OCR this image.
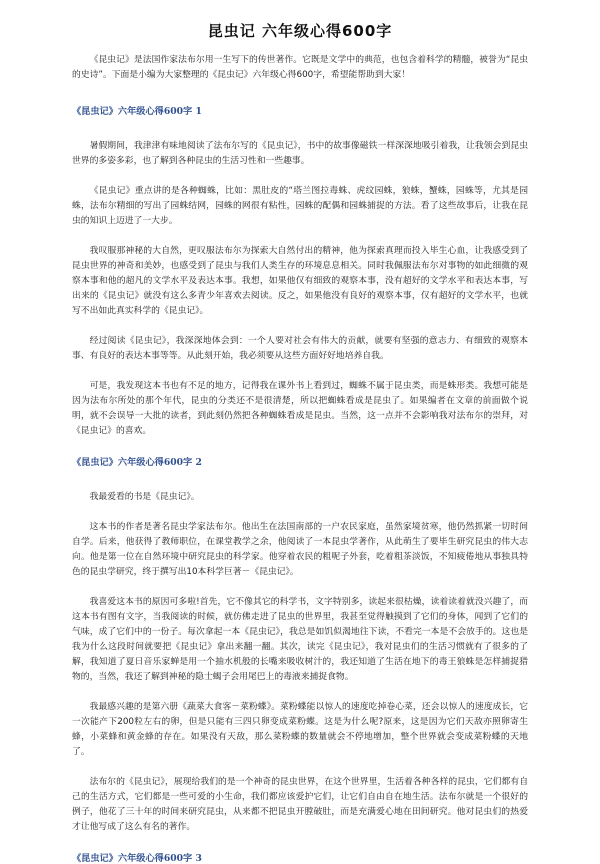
昆虫记 六年级心得600字

《昆虫记》是法国作家法布尔用一生写下的传世著作。它既是文学中的典范，也包含着科学的精髓，被誉为“昆虫的史诗”。下面是小编为大家整理的《昆虫记》六年级心得600字，希望能帮助到大家！

《昆虫记》六年级心得600字 1

暑假期间，我津津有味地阅读了法布尔写的《昆虫记》，书中的故事像磁铁一样深深地吸引着我，让我领会到昆虫世界的多姿多彩，也了解到各种昆虫的生活习性和一些趣事。

《昆虫记》重点讲的是各种蜘蛛，比如：黑肚皮的“塔兰图拉毒蛛、虎纹园蛛，狼蛛，蟹蛛，园蛛等，尤其是园蛛，法布尔精细的写出了园蛛结网，园蛛的网很有粘性，园蛛的配偶和园蛛捕捉的方法。看了这些故事后，让我在昆虫的知识上迈进了一大步。

我叹服那神秘的大自然，更叹服法布尔为探索大自然付出的精神，他为探索真理而投入毕生心血，让我感受到了昆虫世界的神奇和美妙，也感受到了昆虫与我们人类生存的环境息息相关。同时我佩服法布尔对事物的如此细微的观察本事和他的超凡的文学水平及表达本事。我想，如果他仅有细致的观察本事，没有超好的文学水平和表达本事，写出来的《昆虫记》就没有这么多青少年喜欢去阅读。反之，如果他没有良好的观察本事，仅有超好的文学水平，也就写不出如此真实科学的《昆虫记》。

经过阅读《昆虫记》，我深深地体会到：一个人要对社会有伟大的贡献，就要有坚强的意志力、有细致的观察本事、有良好的表达本事等等。从此刻开始，我必须要从这些方面好好地培养自我。

可是，我发现这本书也有不足的地方，记得我在课外书上看到过，蜘蛛不属于昆虫类，而是蛛形类。我想可能是因为法布尔所处的那个年代，昆虫的分类还不是很清楚，所以把蜘蛛看成是昆虫了。如果编者在文章的前面做个说明，就不会误导一大批的读者，到此刻仍然把各种蜘蛛看成是昆虫。当然，这一点并不会影响我对法布尔的崇拜，对《昆虫记》的喜欢。

《昆虫记》六年级心得600字 2

我最爱看的书是《昆虫记》。

这本书的作者是著名昆虫学家法布尔。他出生在法国南部的一户农民家庭，虽然家境贫寒，他仍然抓紧一切时间自学。后来，他获得了教师职位，在课堂教学之余，他阅读了一本昆虫学著作，从此萌生了要毕生研究昆虫的伟大志向。他是第一位在自然环境中研究昆虫的科学家。他穿着农民的粗呢子外套，吃着粗茶淡饭，不知疲倦地从事独具特色的昆虫学研究，终于撰写出10本科学巨著－《昆虫记》。

我喜爱这本书的原因可多啦!首先，它不像其它的科学书，文字特别多，读起来很枯燥，读着读着就没兴趣了，而这本书有图有文字，当我阅读的时候，就仿佛走进了昆虫的世界里，我甚至觉得触摸到了它们的身体，闻到了它们的气味，成了它们中的一份子。每次拿起一本《昆虫记》，我总是如饥似渴地往下读，不看完一本是不会放手的。这也是我为什么这段时间就要把《昆虫记》拿出来翻一翻。其次，读完《昆虫记》，我对昆虫们的生活习惯就有了很多的了解，我知道了夏日音乐家蝉是用一个抽水机般的长嘴来吸收树汁的，我还知道了生活在地下的毒王狼蛛是怎样捕捉猎物的，当然，我还了解到神秘的隐士蝎子会用尾巴上的毒液来捕捉食物。

我最感兴趣的是第六册《蔬菜大食客－菜粉蝶》。菜粉蝶能以惊人的速度吃掉卷心菜，还会以惊人的速度成长，它一次能产下200粒左右的卵，但是只能有三四只卵变成菜粉蝶。这是为什么呢?原来，这是因为它们天敌亦照卵寄生蜂，小菜蜂和黄金蜂的存在。如果没有天敌，那么菜粉蝶的数量就会不停地增加，整个世界就会变成菜粉蝶的天地了。

法布尔的《昆虫记》，展现给我们的是一个神奇的昆虫世界，在这个世界里，生活着各种各样的昆虫，它们都有自己的生活方式，它们都是一些可爱的小生命，我们都应该爱护它们，让它们自由自在地生活。法布尔就是一个很好的例子，他花了三十年的时间来研究昆虫，从来都不把昆虫开膛破肚，而是充满爱心地在田间研究。他对昆虫们的热爱才让他写成了这么有名的著作。

《昆虫记》六年级心得600字 3
